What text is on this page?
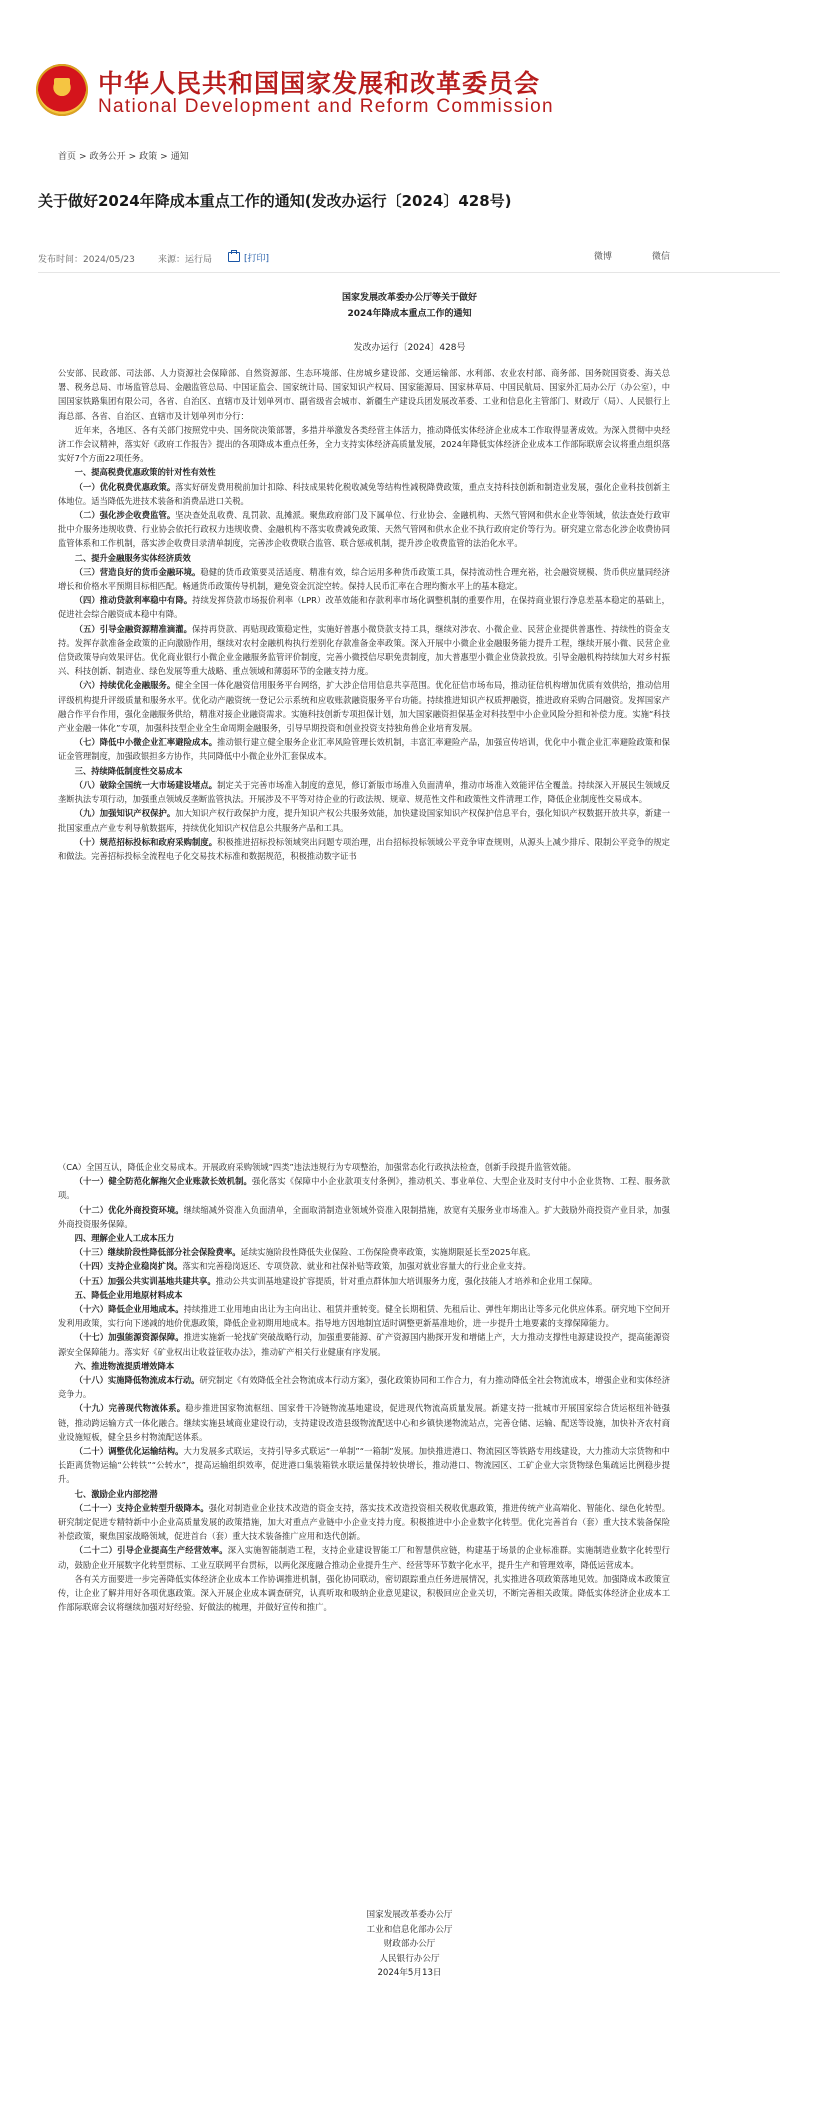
中华人民共和国国家发展和改革委员会
National Development and Reform Commission
首页 > 政务公开 > 政策 > 通知
关于做好2024年降成本重点工作的通知(发改办运行〔2024〕428号)
发布时间：2024/05/23	来源：运行局	[打印]	微博	微信
国家发展改革委办公厅等关于做好
2024年降成本重点工作的通知
发改办运行〔2024〕428号

公安部、民政部、司法部、人力资源社会保障部、自然资源部、生态环境部、住房城乡建设部、交通运输部、水利部、农业农村部、商务部、国务院国资委、海关总署、税务总局、市场监管总局、金融监管总局、中国证监会、国家统计局、国家知识产权局、国家能源局、国家林草局、中国民航局、国家外汇局办公厅（办公室），中国国家铁路集团有限公司，各省、自治区、直辖市及计划单列市、副省级省会城市、新疆生产建设兵团发展改革委、工业和信息化主管部门、财政厅（局）、人民银行上海总部、各省、自治区、直辖市及计划单列市分行：

近年来，各地区、各有关部门按照党中央、国务院决策部署，多措并举激发各类经营主体活力，推动降低实体经济企业成本工作取得显著成效。为深入贯彻中央经济工作会议精神，落实好《政府工作报告》提出的各项降成本重点任务，全力支持实体经济高质量发展，2024年降低实体经济企业成本工作部际联席会议将重点组织落实好7个方面22项任务。

一、提高税费优惠政策的针对性有效性

（一）优化税费优惠政策。落实好研发费用税前加计扣除、科技成果转化税收减免等结构性减税降费政策，重点支持科技创新和制造业发展，强化企业科技创新主体地位。适当降低先进技术装备和消费品进口关税。

（二）强化涉企收费监管。坚决查处乱收费、乱罚款、乱摊派。聚焦政府部门及下属单位、行业协会、金融机构、天然气管网和供水企业等领域，依法查处行政审批中介服务违规收费、行业协会依托行政权力违规收费、金融机构不落实收费减免政策、天然气管网和供水企业不执行政府定价等行为。研究建立常态化涉企收费协同监管体系和工作机制，落实涉企收费目录清单制度，完善涉企收费联合监管、联合惩戒机制，提升涉企收费监管的法治化水平。

二、提升金融服务实体经济质效

（三）营造良好的货币金融环境。稳健的货币政策要灵活适度、精准有效，综合运用多种货币政策工具，保持流动性合理充裕，社会融资规模、货币供应量同经济增长和价格水平预期目标相匹配。畅通货币政策传导机制，避免资金沉淀空转。保持人民币汇率在合理均衡水平上的基本稳定。

（四）推动贷款利率稳中有降。持续发挥贷款市场报价利率（LPR）改革效能和存款利率市场化调整机制的重要作用，在保持商业银行净息差基本稳定的基础上，促进社会综合融资成本稳中有降。

（五）引导金融资源精准滴灌。保持再贷款、再贴现政策稳定性，实施好普惠小微贷款支持工具，继续对涉农、小微企业、民营企业提供普惠性、持续性的资金支持。发挥存款准备金政策的正向激励作用，继续对农村金融机构执行差别化存款准备金率政策。深入开展中小微企业金融服务能力提升工程，继续开展小微、民营企业信贷政策导向效果评估。优化商业银行小微企业金融服务监管评价制度，完善小微授信尽职免责制度，加大普惠型小微企业贷款投放。引导金融机构持续加大对乡村振兴、科技创新、制造业、绿色发展等重大战略、重点领域和薄弱环节的金融支持力度。

（六）持续优化金融服务。健全全国一体化融资信用服务平台网络，扩大涉企信用信息共享范围。优化征信市场布局，推动征信机构增加优质有效供给，推动信用评级机构提升评级质量和服务水平。优化动产融资统一登记公示系统和应收账款融资服务平台功能。持续推进知识产权质押融资，推进政府采购合同融资。发挥国家产融合作平台作用，强化金融服务供给，精准对接企业融资需求。实施科技创新专项担保计划，加大国家融资担保基金对科技型中小企业风险分担和补偿力度。实施“科技产业金融一体化”专项，加强科技型企业全生命周期金融服务，引导早期投资和创业投资支持独角兽企业培育发展。

（七）降低中小微企业汇率避险成本。推动银行建立健全服务企业汇率风险管理长效机制，丰富汇率避险产品，加强宣传培训，优化中小微企业汇率避险政策和保证金管理制度，加强政银担多方协作，共同降低中小微企业外汇套保成本。

三、持续降低制度性交易成本

（八）破除全国统一大市场建设堵点。制定关于完善市场准入制度的意见，修订新版市场准入负面清单，推动市场准入效能评估全覆盖。持续深入开展民生领域反垄断执法专项行动，加强重点领域反垄断监管执法。开展涉及不平等对待企业的行政法规、规章、规范性文件和政策性文件清理工作，降低企业制度性交易成本。

（九）加强知识产权保护。加大知识产权行政保护力度，提升知识产权公共服务效能，加快建设国家知识产权保护信息平台，强化知识产权数据开放共享，新建一批国家重点产业专利导航数据库，持续优化知识产权信息公共服务产品和工具。

（十）规范招标投标和政府采购制度。积极推进招标投标领域突出问题专项治理，出台招标投标领域公平竞争审查规则，从源头上减少排斥、限制公平竞争的规定和做法。完善招标投标全流程电子化交易技术标准和数据规范，积极推动数字证书

（CA）全国互认，降低企业交易成本。开展政府采购领域“四类”违法违规行为专项整治，加强常态化行政执法检查，创新手段提升监管效能。

（十一）健全防范化解拖欠企业账款长效机制。强化落实《保障中小企业款项支付条例》，推动机关、事业单位、大型企业及时支付中小企业货物、工程、服务款项。

（十二）优化外商投资环境。继续缩减外资准入负面清单，全面取消制造业领域外资准入限制措施，放宽有关服务业市场准入。扩大鼓励外商投资产业目录，加强外商投资服务保障。

四、理解企业人工成本压力

（十三）继续阶段性降低部分社会保险费率。延续实施阶段性降低失业保险、工伤保险费率政策，实施期限延长至2025年底。

（十四）支持企业稳岗扩岗。落实和完善稳岗返还、专项贷款、就业和社保补贴等政策，加强对就业容量大的行业企业支持。

（十五）加强公共实训基地共建共享。推动公共实训基地建设扩容提质，针对重点群体加大培训服务力度，强化技能人才培养和企业用工保障。

五、降低企业用地原材料成本

（十六）降低企业用地成本。持续推进工业用地由出让为主向出让、租赁并重转变。健全长期租赁、先租后让、弹性年期出让等多元化供应体系。研究地下空间开发利用政策，实行向下递减的地价优惠政策，降低企业初期用地成本。指导地方因地制宜适时调整更新基准地价，进一步提升土地要素的支撑保障能力。

（十七）加强能源资源保障。推进实施新一轮找矿突破战略行动，加强重要能源、矿产资源国内勘探开发和增储上产，大力推动支撑性电源建设投产，提高能源资源安全保障能力。落实好《矿业权出让收益征收办法》，推动矿产相关行业健康有序发展。

六、推进物流提质增效降本

（十八）实施降低物流成本行动。研究制定《有效降低全社会物流成本行动方案》，强化政策协同和工作合力，有力推动降低全社会物流成本，增强企业和实体经济竞争力。

（十九）完善现代物流体系。稳步推进国家物流枢纽、国家骨干冷链物流基地建设，促进现代物流高质量发展。新建支持一批城市开展国家综合货运枢纽补链强链，推动跨运输方式一体化融合。继续实施县域商业建设行动，支持建设改造县级物流配送中心和乡镇快递物流站点，完善仓储、运输、配送等设施，加快补齐农村商业设施短板，健全县乡村物流配送体系。

（二十）调整优化运输结构。大力发展多式联运，支持引导多式联运“一单制”“一箱制”发展。加快推进港口、物流园区等铁路专用线建设，大力推动大宗货物和中长距离货物运输“公转铁”“公转水”，提高运输组织效率，促进港口集装箱铁水联运量保持较快增长，推动港口、物流园区、工矿企业大宗货物绿色集疏运比例稳步提升。

七、激励企业内部挖潜

（二十一）支持企业转型升级降本。强化对制造业企业技术改造的资金支持，落实技术改造投资相关税收优惠政策，推进传统产业高端化、智能化、绿色化转型。研究制定促进专精特新中小企业高质量发展的政策措施，加大对重点产业链中小企业支持力度。积极推进中小企业数字化转型。优化完善首台（套）重大技术装备保险补偿政策，聚焦国家战略领域，促进首台（套）重大技术装备推广应用和迭代创新。

（二十二）引导企业提高生产经营效率。深入实施智能制造工程，支持企业建设智能工厂和智慧供应链，构建基于场景的企业标准群。实施制造业数字化转型行动，鼓励企业开展数字化转型贯标、工业互联网平台贯标，以两化深度融合推动企业提升生产、经营等环节数字化水平，提升生产和管理效率，降低运营成本。

各有关方面要进一步完善降低实体经济企业成本工作协调推进机制，强化协同联动，密切跟踪重点任务进展情况，扎实推进各项政策落地见效。加强降成本政策宣传，让企业了解并用好各项优惠政策。深入开展企业成本调查研究，认真听取和吸纳企业意见建议，积极回应企业关切，不断完善相关政策。降低实体经济企业成本工作部际联席会议将继续加强对好经验、好做法的梳理，并做好宣传和推广。

国家发展改革委办公厅
工业和信息化部办公厅
财政部办公厅
人民银行办公厅
2024年5月13日
